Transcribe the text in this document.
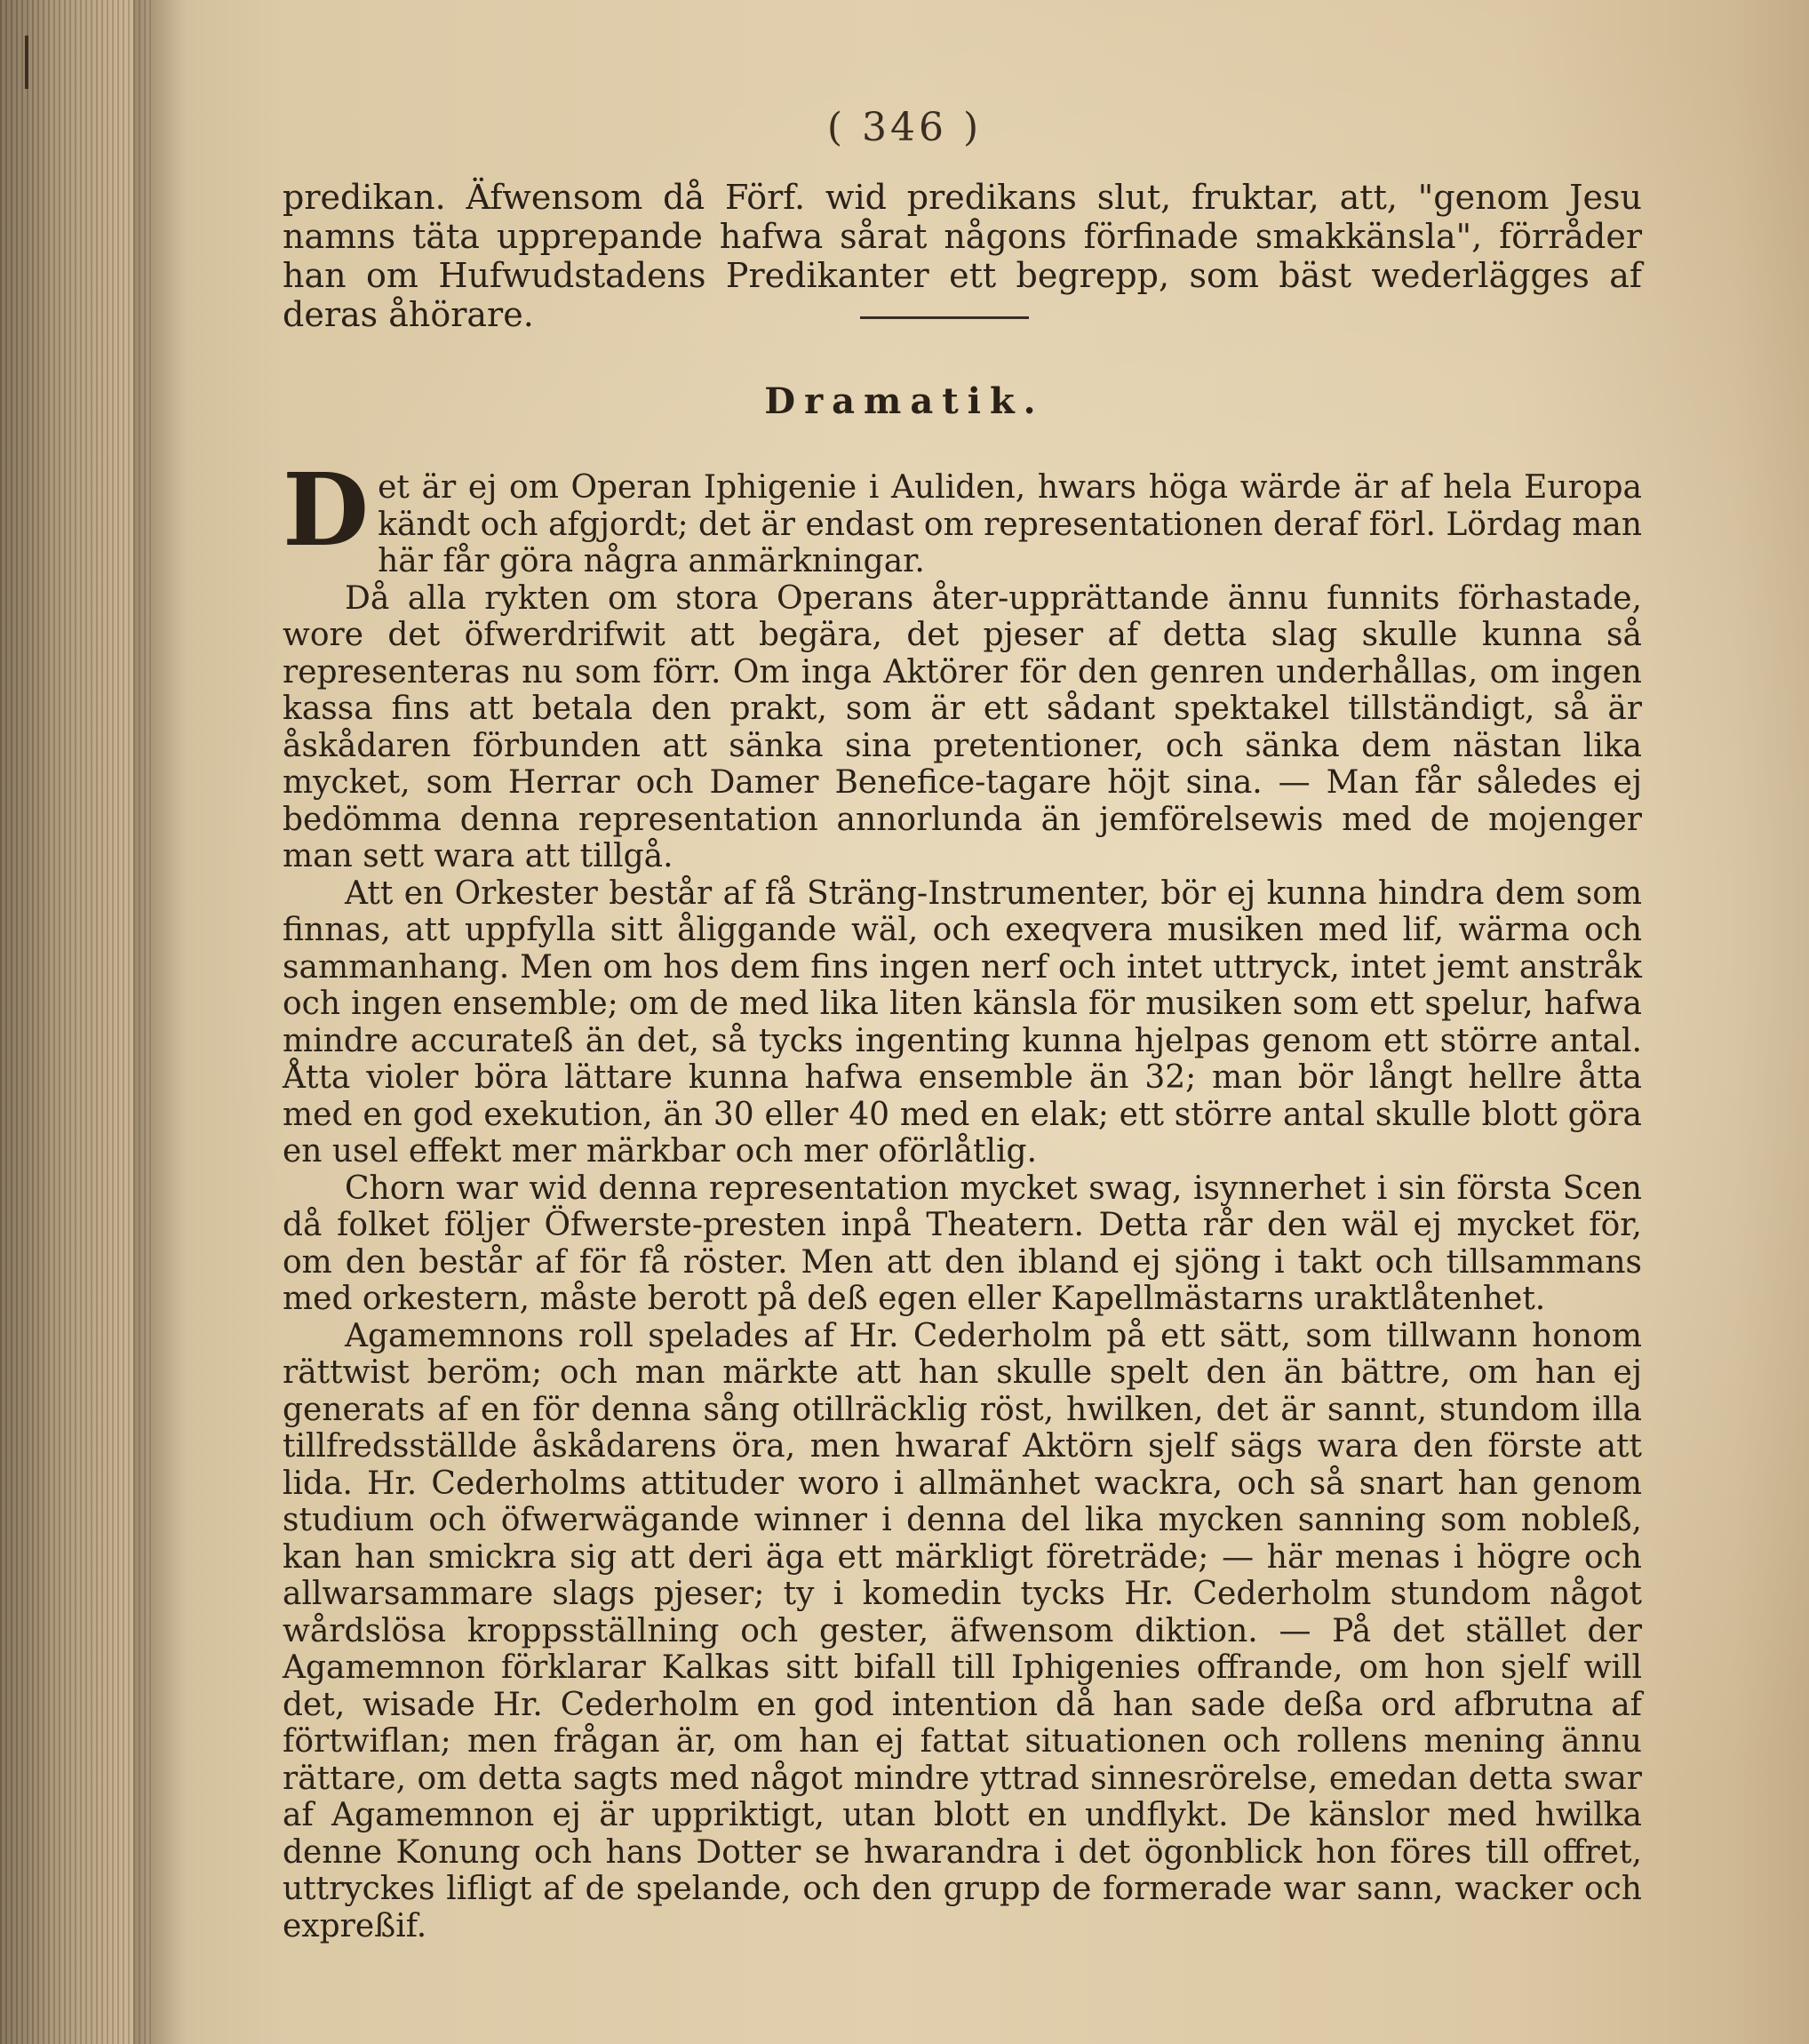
( 346 )
predikan. Äfwensom då Förf. wid predikans slut, fruktar, att, "genom Jesu namns täta upprepande hafwa sårat någons förfinade smakkänsla", förråder han om Hufwudstadens Predikanter ett begrepp, som bäst wederlägges af deras åhörare.
Dramatik.

Det är ej om Operan Iphigenie i Auliden, hwars höga wärde är af hela Europa kändt och afgjordt; det är endast om representationen deraf förl. Lördag man här får göra några anmärkningar.

Då alla rykten om stora Operans åter-upprättande ännu funnits förhastade, wore det öfwerdrifwit att begära, det pjeser af detta slag skulle kunna så representeras nu som förr. Om inga Aktörer för den genren underhållas, om ingen kassa fins att betala den prakt, som är ett sådant spektakel tillständigt, så är åskådaren förbunden att sänka sina pretentioner, och sänka dem nästan lika mycket, som Herrar och Damer Benefice-tagare höjt sina. — Man får således ej bedömma denna representation annorlunda än jemförelsewis med de mojenger man sett wara att tillgå.

Att en Orkester består af få Sträng-Instrumenter, bör ej kunna hindra dem som finnas, att uppfylla sitt åliggande wäl, och exeqvera musiken med lif, wärma och sammanhang. Men om hos dem fins ingen nerf och intet uttryck, intet jemt anstråk och ingen ensemble; om de med lika liten känsla för musiken som ett spelur, hafwa mindre accurateß än det, så tycks ingenting kunna hjelpas genom ett större antal. Åtta violer böra lättare kunna hafwa ensemble än 32; man bör långt hellre åtta med en god exekution, än 30 eller 40 med en elak; ett större antal skulle blott göra en usel effekt mer märkbar och mer oförlåtlig.

Chorn war wid denna representation mycket swag, isynnerhet i sin första Scen då folket följer Öfwerste-presten inpå Theatern. Detta rår den wäl ej mycket för, om den består af för få röster. Men att den ibland ej sjöng i takt och tillsammans med orkestern, måste berott på deß egen eller Kapellmästarns uraktlåtenhet.

Agamemnons roll spelades af Hr. Cederholm på ett sätt, som tillwann honom rättwist beröm; och man märkte att han skulle spelt den än bättre, om han ej generats af en för denna sång otillräcklig röst, hwilken, det är sannt, stundom illa tillfredsställde åskådarens öra, men hwaraf Aktörn sjelf sägs wara den förste att lida. Hr. Cederholms attituder woro i allmänhet wackra, och så snart han genom studium och öfwerwägande winner i denna del lika mycken sanning som nobleß, kan han smickra sig att deri äga ett märkligt företräde; — här menas i högre och allwarsammare slags pjeser; ty i komedin tycks Hr. Cederholm stundom något wårdslösa kroppsställning och gester, äfwensom diktion. — På det stället der Agamemnon förklarar Kalkas sitt bifall till Iphigenies offrande, om hon sjelf will det, wisade Hr. Cederholm en god intention då han sade deßa ord afbrutna af förtwiflan; men frågan är, om han ej fattat situationen och rollens mening ännu rättare, om detta sagts med något mindre yttrad sinnesrörelse, emedan detta swar af Agamemnon ej är uppriktigt, utan blott en undflykt. De känslor med hwilka denne Konung och hans Dotter se hwarandra i det ögonblick hon föres till offret, uttryckes lifligt af de spelande, och den grupp de formerade war sann, wacker och expreßif.
